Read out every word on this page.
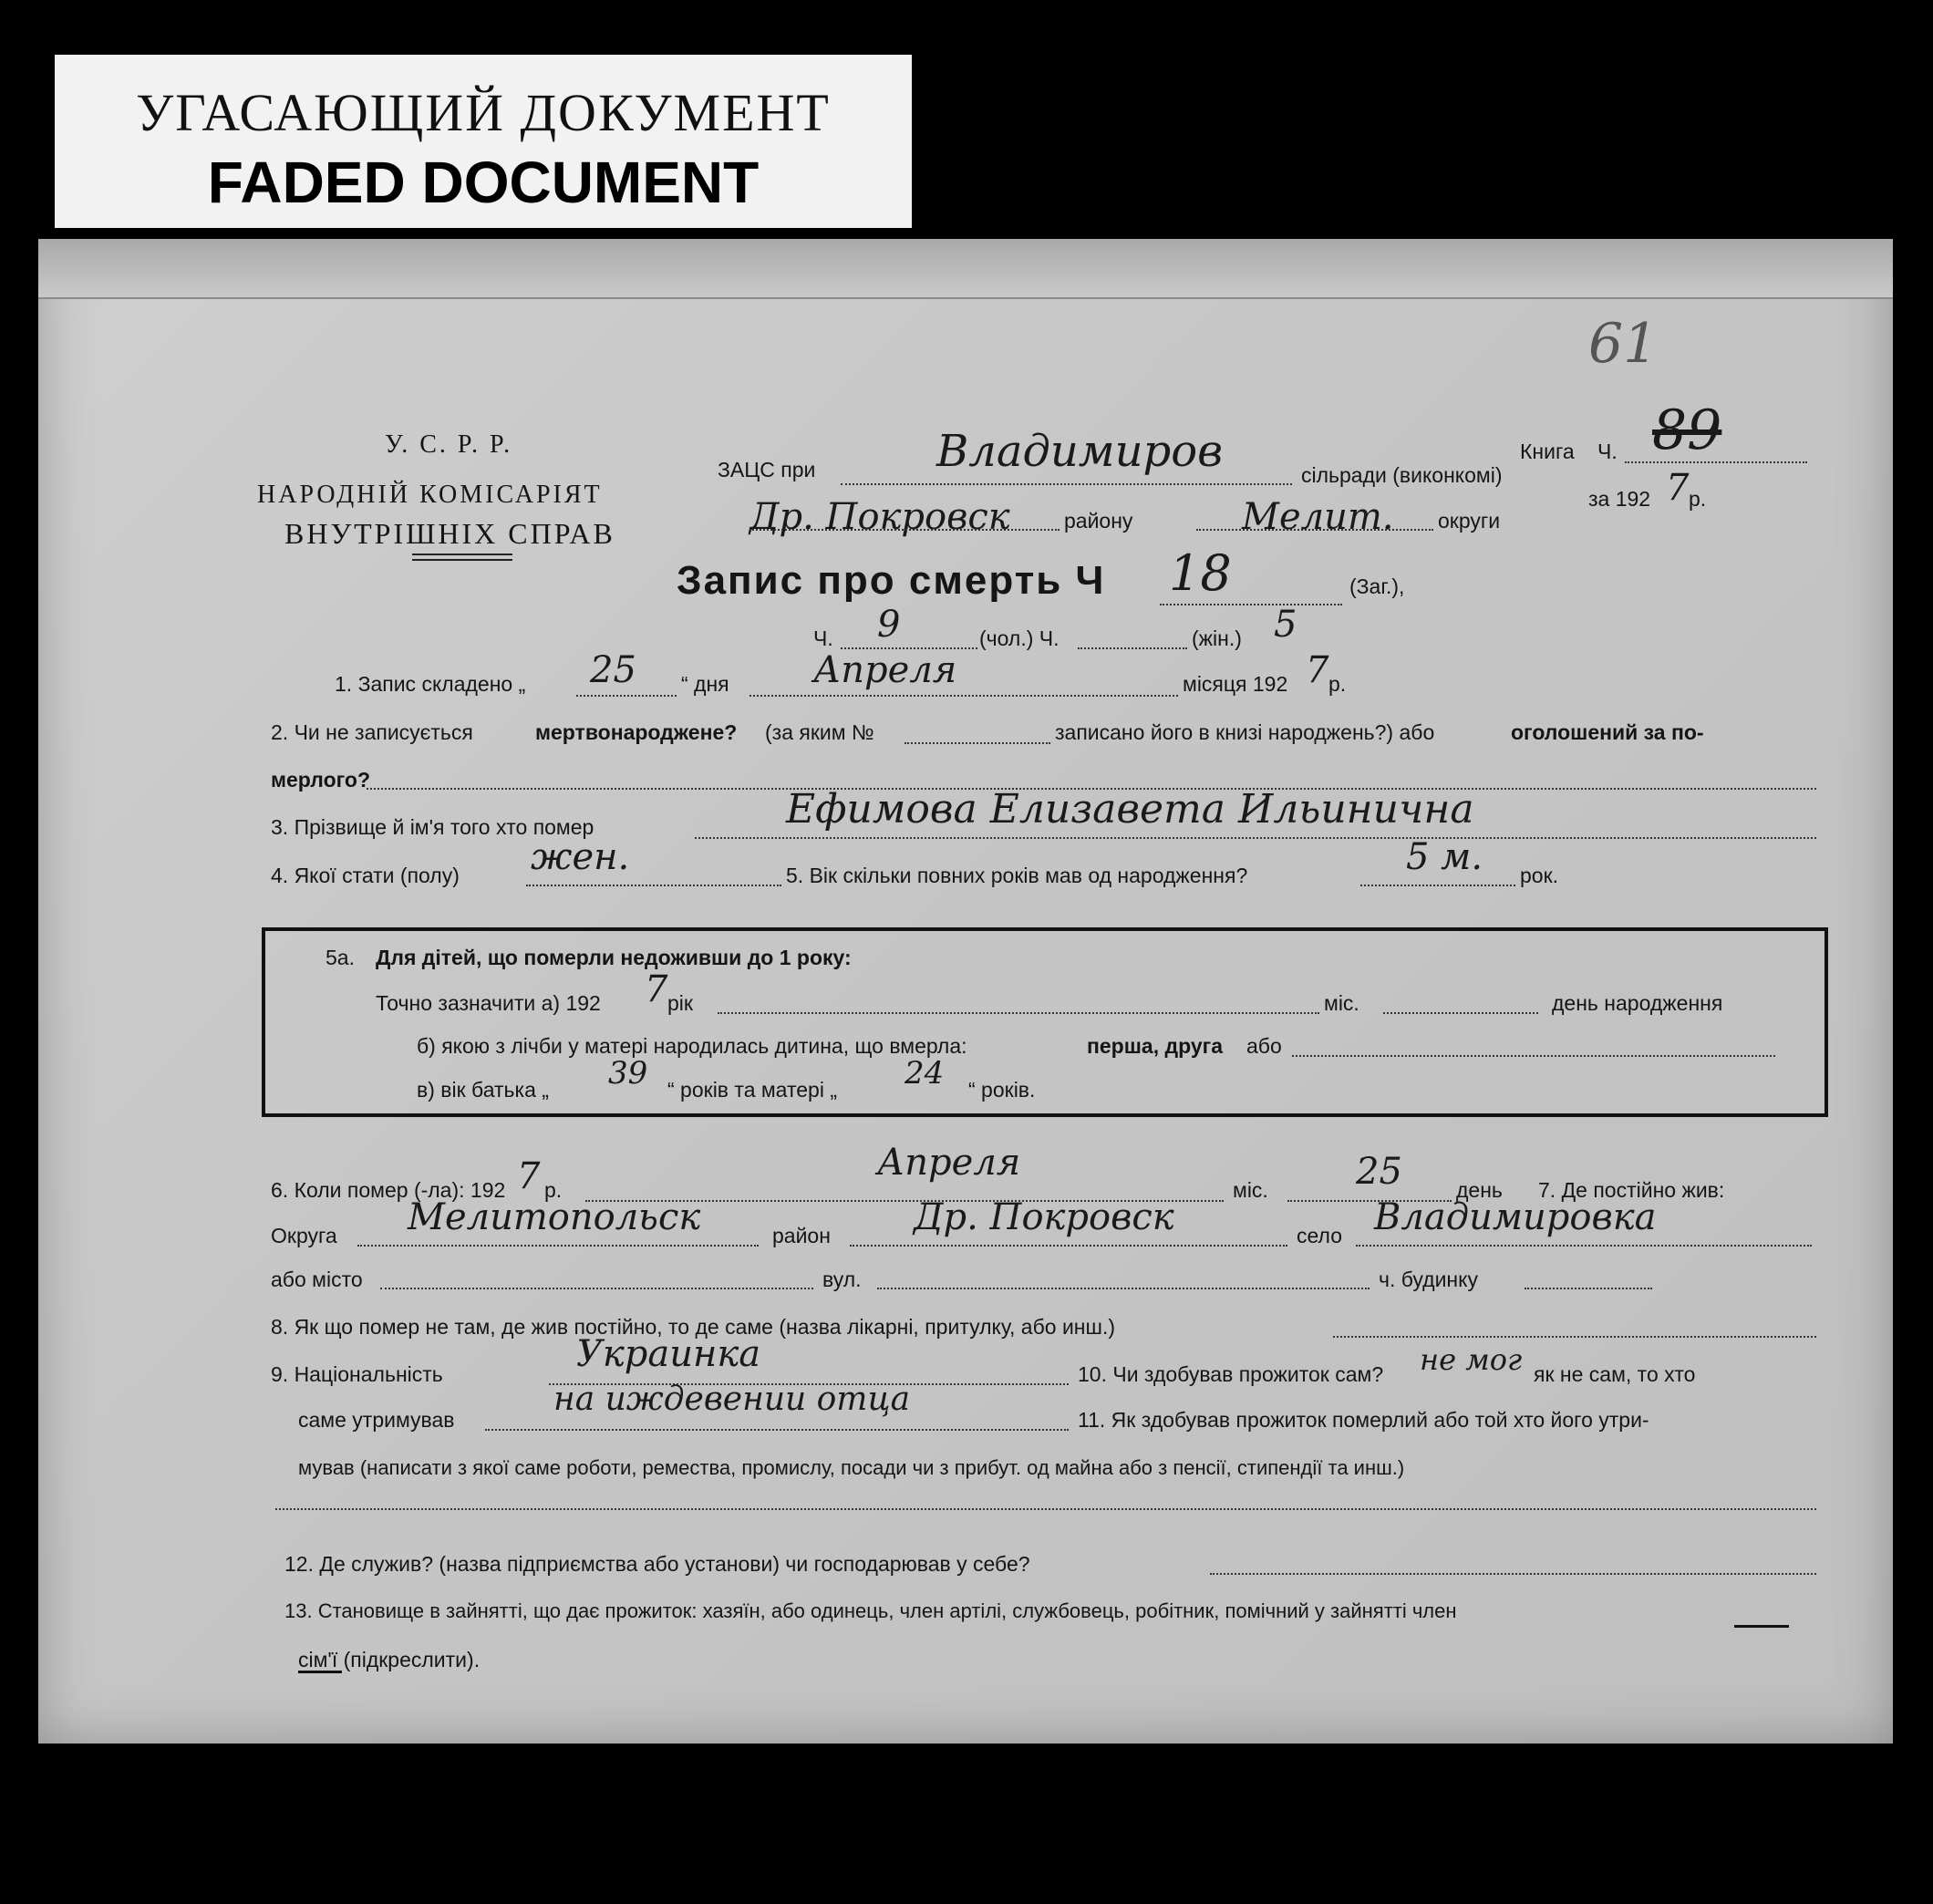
УГАСАЮЩИЙ ДОКУМЕНТ
FADED DOCUMENT
61
У. С. Р. Р.
НАРОДНІЙ КОМІСАРІЯТ
ВНУТРІШНІХ СПРАВ
ЗАЦС при	Владимиров	сільради (виконкомі)
Др. Покровск	району	Мелит. округи
Книга Ч. 89
за 192 7 р.
Запис про смерть Ч 18	(Заг.),
Ч. 9	(чол.) Ч.	(жін.) 5
1. Запис складено „ 25 “ дня Апреля	місяця 192 7 р.
2. Чи не записується	мертвонароджене? (за яким №	записано його в книзі народжень?) або	оголошений за по-
мерлого?
3. Прізвище й ім'я того хто помер	Ефимова Елизавета Ильинична
4. Якої стати (полу) жен.	5. Вік скільки повних років мав од народження?	5 м. рок.
5а. Для дітей, що померли недоживши до 1 року:
Точно зазначити а) 192 7 рік	міс.	день народження
б) якою з лічби у матері народилась дитина, що вмерла:	перша, друга або
в) вік батька „ 39 “ років та матері „ 24 “ років.
6. Коли помер (-ла): 192 7 р.
Апреля
міс. 25	день 7. Де постійно жив:
Округа Мелитопольск	район Др. Покровск	село Владимировка
або місто	вул.	ч. будинку
8. Як що помер не там, де жив постійно, то де саме (назва лікарні, притулку, або инш.)
9. Національність	Украинка	10. Чи здобував прожиток сам? не мог як не сам, то хто
саме утримував
на иждевении отца
11. Як здобував прожиток померлий або той хто його утри-
мував (написати з якої саме роботи, ремества, промислу, посади чи з прибут. од майна або з пенсії, стипендії та инш.)
12. Де служив? (назва підприємства або установи) чи господарював у себе?
13. Становище в зайнятті, що дає прожиток: хазяїн, або одинець, член артілі, службовець, робітник, помічний у зайнятті член
сім'ї (підкреслити).
